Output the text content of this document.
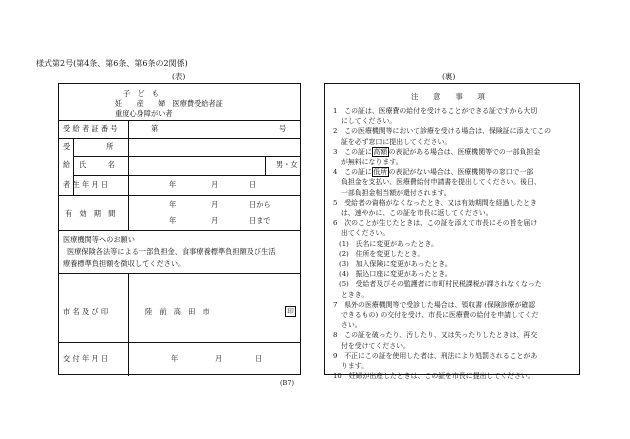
様式第2号(第4条、第6条、第6条の2関係)
(表)	(裏)
子　ど　も
妊　　産　　婦　医療費受給者証
重度心身障がい者
受 給 者 証 番 号	第	号
受　　　　　所
給 氏　　　名	男・女
者 生 年 月 日	年	月	日
有　効　期　間
年	月	日から
年	月	日まで
医療機関等へのお願い
医療保険各法等による一部負担金、食事療養標準負担額及び生活
療養標準負担額を徴収してください。
市 名 及 び 印	陸　前　高　田　市	印
交 付 年 月 日	年	月	日
注　　意　　事　　項
1　この証は、医療費の給付を受けることができる証ですから大切
にしてください。
2　この医療機関等において診療を受ける場合は、保険証に添えてこの
証を必ず窓口に提出してください。
3　この証に 高額 の表記がある場合は、医療機関等での一部負担金
が無料になります。
4　この証に 低所 の表記がない場合は、医療機関等の窓口で一部
負担金を支払い、医療費給付申請書を提出してください。後日、
一部負担金相当額が還付されます。
5　受給者の資格がなくなったとき、又は有効期間を経過したとき
は、速やかに、この証を市長に返してください。
6　次のことが生じたときは、この証を添えて市長にその旨を届け
出てください。
(1)　氏名に変更があったとき。
(2)　住所を変更したとき。
(3)　加入保険に変更があったとき。
(4)　振込口座に変更があったとき。
(5)　受給者及びその監護者に市町村民税課税が課されなくなった
ときき。
7　県外の医療機関等で受診した場合は、領収書 (保険診療が確認
できるもの) の交付を受け、市長に医療費の給付を申請してくだ
さい。
8　この証を破ったり、汚したり、又は失ったりしたときは、再交
付を受けてください。
9　不正にこの証を使用した者は、刑法により処罰されることがあ
ります。
10　妊婦が出産したときは、この証を市長に提出してください。
(B7)
